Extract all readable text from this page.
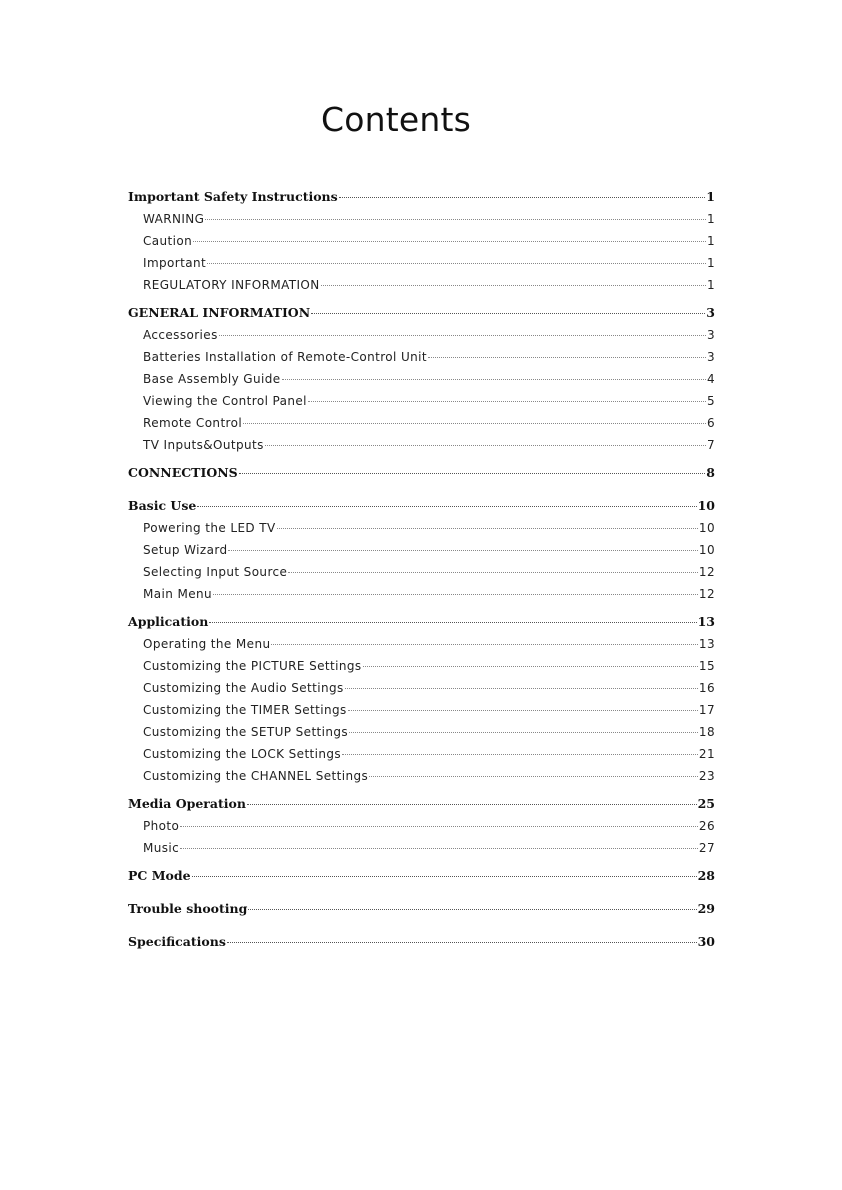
Contents
Important Safety Instructions	1
WARNING	1
Caution	1
Important	1
REGULATORY INFORMATION	1
GENERAL INFORMATION	3
Accessories	3
Batteries Installation of Remote-Control Unit	3
Base Assembly Guide	4
Viewing the Control Panel	5
Remote Control	6
TV Inputs&Outputs	7
CONNECTIONS	8
Basic Use	10
Powering the LED TV	10
Setup Wizard	10
Selecting Input Source	12
Main Menu	12
Application	13
Operating the Menu	13
Customizing the PICTURE Settings	15
Customizing the Audio Settings	16
Customizing the TIMER Settings	17
Customizing the SETUP Settings	18
Customizing the LOCK Settings	21
Customizing the CHANNEL Settings	23
Media Operation	25
Photo	26
Music	27
PC Mode	28
Trouble shooting	29
Specifications	30
